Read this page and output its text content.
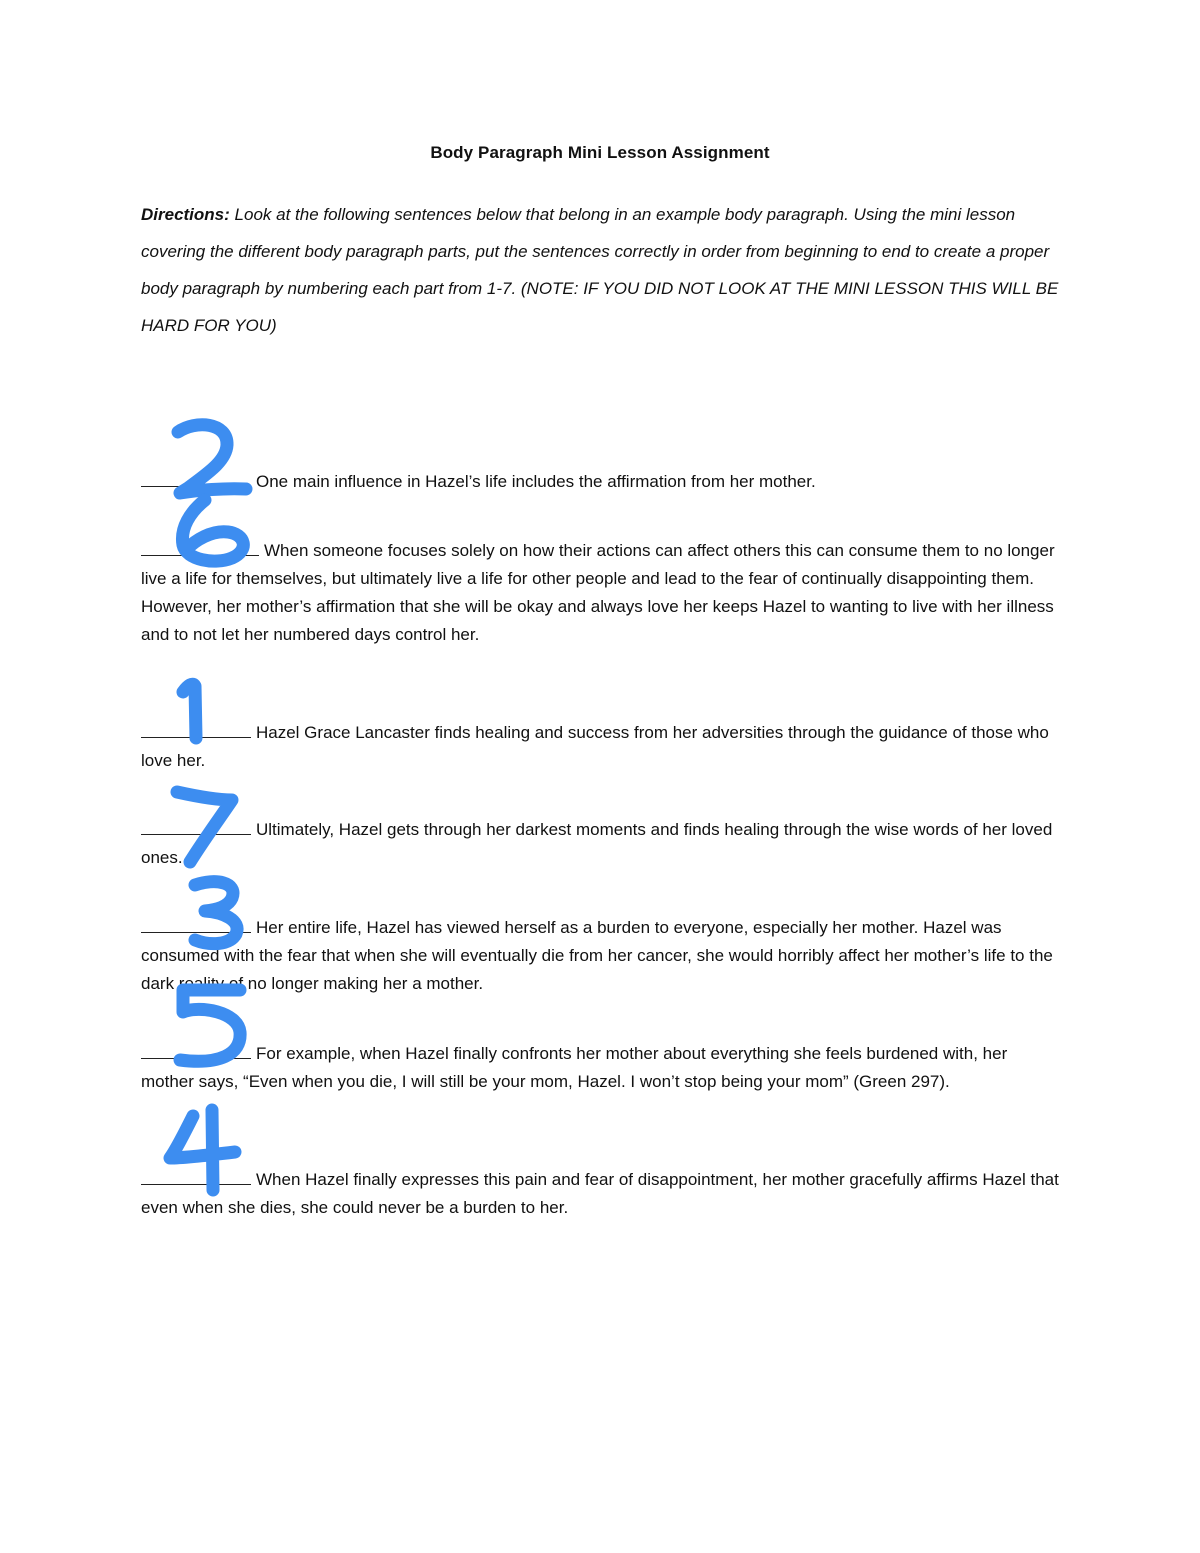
Body Paragraph Mini Lesson Assignment
Directions: Look at the following sentences below that belong in an example body paragraph. Using the mini lesson covering the different body paragraph parts, put the sentences correctly in order from beginning to end to create a proper body paragraph by numbering each part from 1-7. (NOTE: IF YOU DID NOT LOOK AT THE MINI LESSON THIS WILL BE HARD FOR YOU)
One main influence in Hazel’s life includes the affirmation from her mother.
When someone focuses solely on how their actions can affect others this can consume them to no longer live a life for themselves, but ultimately live a life for other people and lead to the fear of continually disappointing them. However, her mother’s affirmation that she will be okay and always love her keeps Hazel to wanting to live with her illness and to not let her numbered days control her.
Hazel Grace Lancaster finds healing and success from her adversities through the guidance of those who love her.
Ultimately, Hazel gets through her darkest moments and finds healing through the wise words of her loved ones.
Her entire life, Hazel has viewed herself as a burden to everyone, especially her mother. Hazel was consumed with the fear that when she will eventually die from her cancer, she would horribly affect her mother’s life to the dark reality of no longer making her a mother.
For example, when Hazel finally confronts her mother about everything she feels burdened with, her mother says, “Even when you die, I will still be your mom, Hazel. I won’t stop being your mom” (Green 297).
When Hazel finally expresses this pain and fear of disappointment, her mother gracefully affirms Hazel that even when she dies, she could never be a burden to her.
